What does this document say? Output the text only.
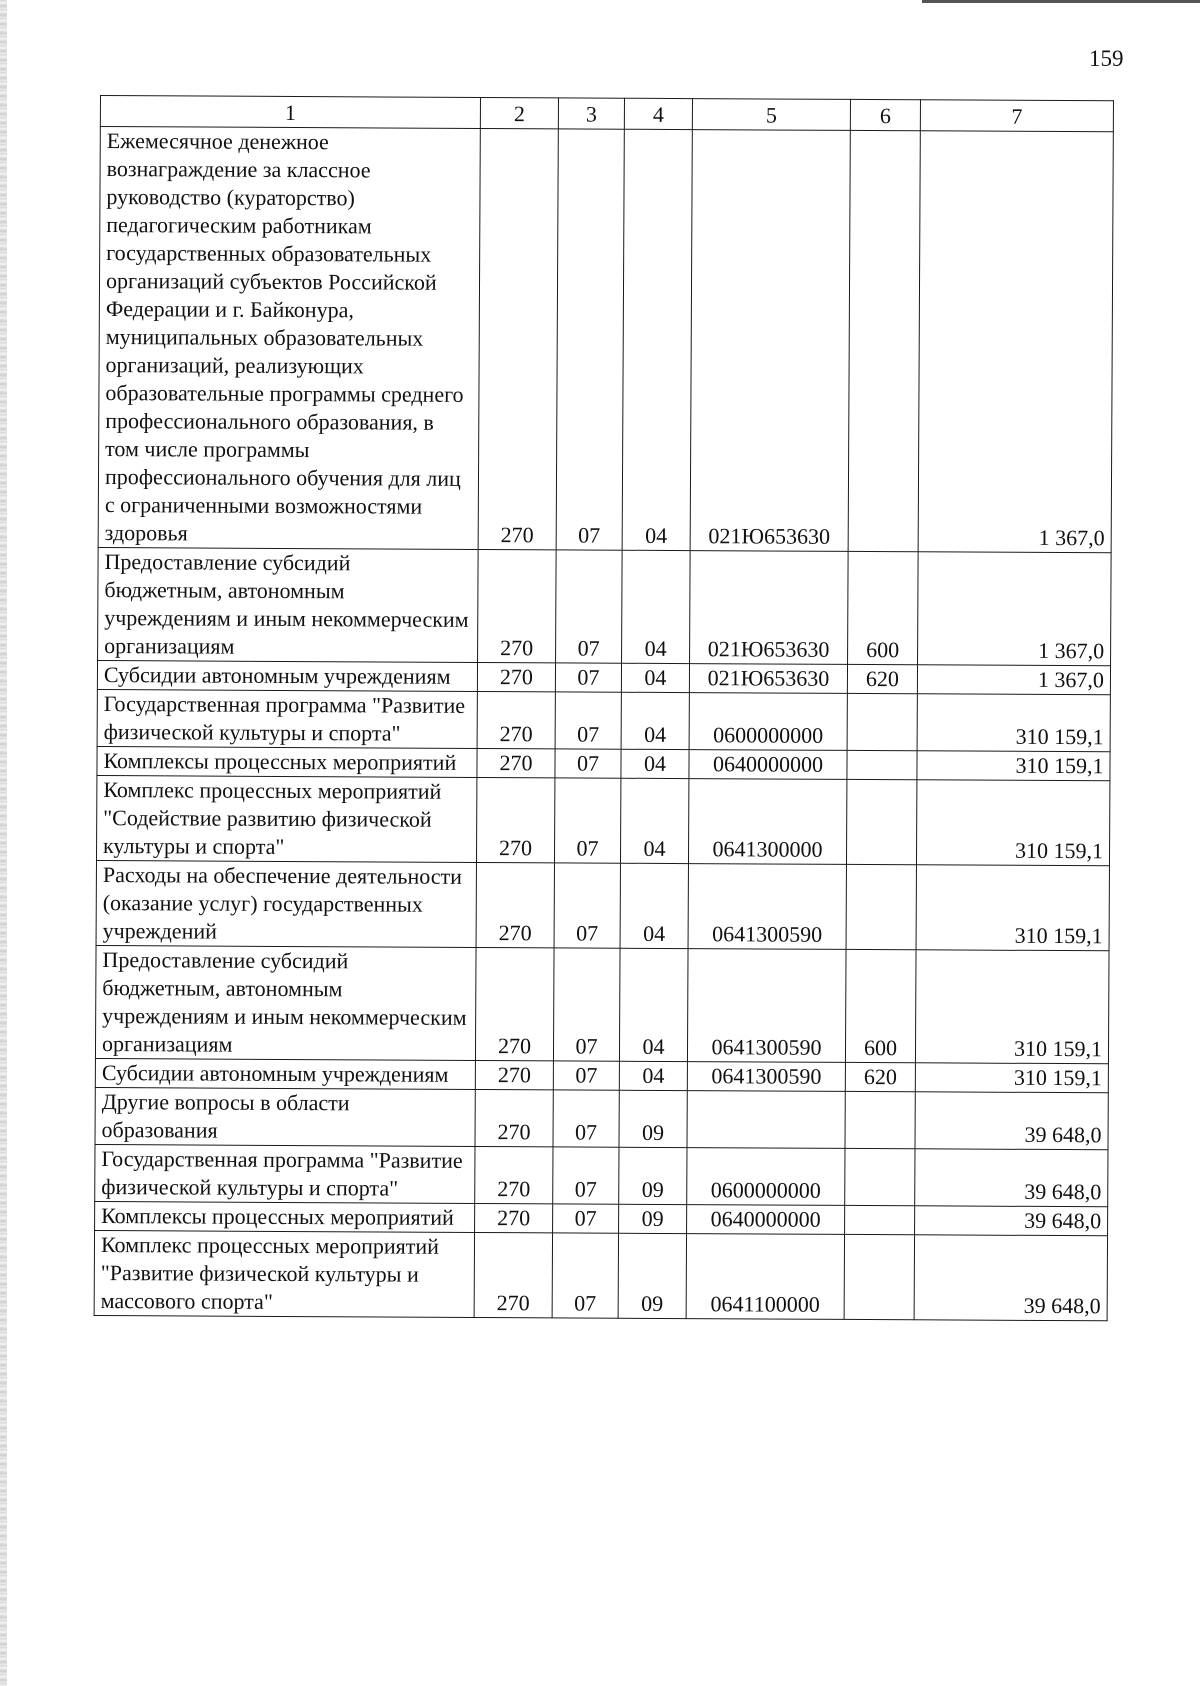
159
1	2	3	4	5	6	7
Ежемесячное денежное вознаграждение за классное руководство (кураторство) педагогическим работникам государственных образовательных организаций субъектов Российской Федерации и г. Байконура, муниципальных образовательных организаций, реализующих образовательные программы среднего профессионального образования, в том числе программы профессионального обучения для лиц с ограниченными возможностями здоровья	270	07	04	021Ю653630		1 367,0
Предоставление субсидий бюджетным, автономным учреждениям и иным некоммерческим организациям	270	07	04	021Ю653630	600	1 367,0
Субсидии автономным учреждениям	270	07	04	021Ю653630	620	1 367,0
Государственная программа "Развитие физической культуры и спорта"	270	07	04	0600000000		310 159,1
Комплексы процессных мероприятий	270	07	04	0640000000		310 159,1
Комплекс процессных мероприятий "Содействие развитию физической культуры и спорта"	270	07	04	0641300000		310 159,1
Расходы на обеспечение деятельности (оказание услуг) государственных учреждений	270	07	04	0641300590		310 159,1
Предоставление субсидий бюджетным, автономным учреждениям и иным некоммерческим организациям	270	07	04	0641300590	600	310 159,1
Субсидии автономным учреждениям	270	07	04	0641300590	620	310 159,1
Другие вопросы в области образования	270	07	09			39 648,0
Государственная программа "Развитие физической культуры и спорта"	270	07	09	0600000000		39 648,0
Комплексы процессных мероприятий	270	07	09	0640000000		39 648,0
Комплекс процессных мероприятий "Развитие физической культуры и массового спорта"	270	07	09	0641100000		39 648,0
